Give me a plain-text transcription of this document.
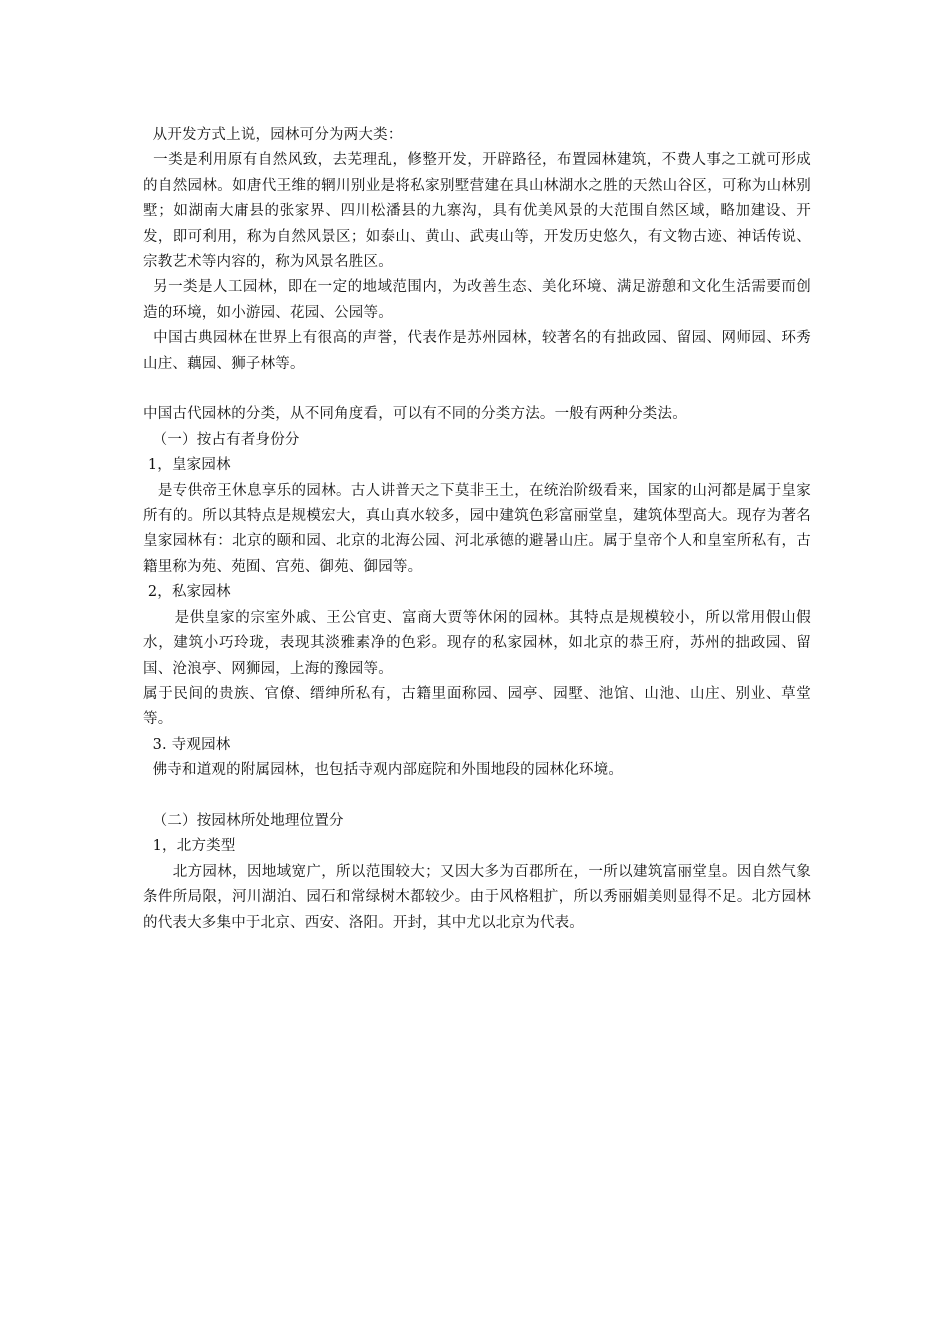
从开发方式上说，园林可分为两大类：

一类是利用原有自然风致，去芜理乱，修整开发，开辟路径，布置园林建筑，不费人事之工就可形成的自然园林。如唐代王维的辋川别业是将私家别墅营建在具山林湖水之胜的天然山谷区，可称为山林别墅；如湖南大庸县的张家界、四川松潘县的九寨沟，具有优美风景的大范围自然区域，略加建设、开发，即可利用，称为自然风景区；如泰山、黄山、武夷山等，开发历史悠久，有文物古迹、神话传说、宗教艺术等内容的，称为风景名胜区。

另一类是人工园林，即在一定的地域范围内，为改善生态、美化环境、满足游憩和文化生活需要而创造的环境，如小游园、花园、公园等。

中国古典园林在世界上有很高的声誉，代表作是苏州园林，较著名的有拙政园、留园、网师园、环秀山庄、藕园、狮子林等。

中国古代园林的分类，从不同角度看，可以有不同的分类方法。一般有两种分类法。

（一）按占有者身份分

1，皇家园林

是专供帝王休息享乐的园林。古人讲普天之下莫非王土，在统治阶级看来，国家的山河都是属于皇家所有的。所以其特点是规模宏大，真山真水较多，园中建筑色彩富丽堂皇，建筑体型高大。现存为著名皇家园林有：北京的颐和园、北京的北海公园、河北承德的避暑山庄。属于皇帝个人和皇室所私有，古籍里称为苑、苑囿、宫苑、御苑、御园等。

2，私家园林

是供皇家的宗室外戚、王公官吏、富商大贾等休闲的园林。其特点是规模较小，所以常用假山假水，建筑小巧玲珑，表现其淡雅素净的色彩。现存的私家园林，如北京的恭王府，苏州的拙政园、留国、沧浪亭、网狮园，上海的豫园等。

属于民间的贵族、官僚、缙绅所私有，古籍里面称园、园亭、园墅、池馆、山池、山庄、别业、草堂等。

3. 寺观园林

佛寺和道观的附属园林，也包括寺观内部庭院和外围地段的园林化环境。

（二）按园林所处地理位置分

1，北方类型

北方园林，因地域宽广，所以范围较大；又因大多为百郡所在，一所以建筑富丽堂皇。因自然气象条件所局限，河川湖泊、园石和常绿树木都较少。由于风格粗扩，所以秀丽媚美则显得不足。北方园林的代表大多集中于北京、西安、洛阳。开封，其中尤以北京为代表。
